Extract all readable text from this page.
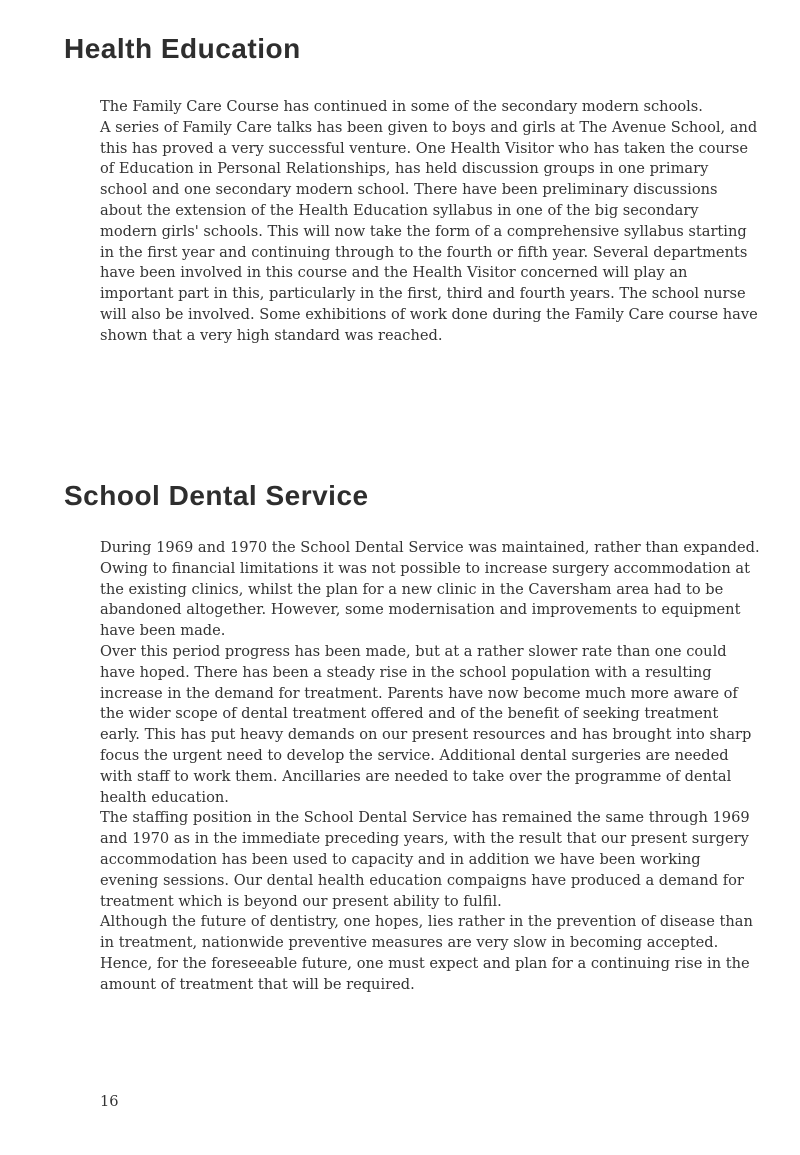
Health Education

The Family Care Course has continued in some of the secondary modern schools.

A series of Family Care talks has been given to boys and girls at The Avenue School, and this has proved a very successful venture. One Health Visitor who has taken the course of Education in Personal Relationships, has held discussion groups in one primary school and one secondary modern school. There have been preliminary discussions about the extension of the Health Education syllabus in one of the big secondary modern girls' schools. This will now take the form of a comprehensive syllabus starting in the first year and continuing through to the fourth or fifth year. Several departments have been involved in this course and the Health Visitor concerned will play an important part in this, particularly in the first, third and fourth years. The school nurse will also be involved. Some exhibitions of work done during the Family Care course have shown that a very high standard was reached.

School Dental Service

During 1969 and 1970 the School Dental Service was maintained, rather than expanded. Owing to financial limitations it was not possible to increase surgery accommodation at the existing clinics, whilst the plan for a new clinic in the Caversham area had to be abandoned altogether. However, some modernisation and improvements to equipment have been made.

Over this period progress has been made, but at a rather slower rate than one could have hoped. There has been a steady rise in the school population with a resulting increase in the demand for treatment. Parents have now become much more aware of the wider scope of dental treatment offered and of the benefit of seeking treatment early. This has put heavy demands on our present resources and has brought into sharp focus the urgent need to develop the service. Additional dental surgeries are needed with staff to work them. Ancillaries are needed to take over the programme of dental health education.

The staffing position in the School Dental Service has remained the same through 1969 and 1970 as in the immediate preceding years, with the result that our present surgery accommodation has been used to capacity and in addition we have been working evening sessions. Our dental health education compaigns have produced a demand for treatment which is beyond our present ability to fulfil.

Although the future of dentistry, one hopes, lies rather in the prevention of disease than in treatment, nationwide preventive measures are very slow in becoming accepted. Hence, for the foreseeable future, one must expect and plan for a continuing rise in the amount of treatment that will be required.

16
